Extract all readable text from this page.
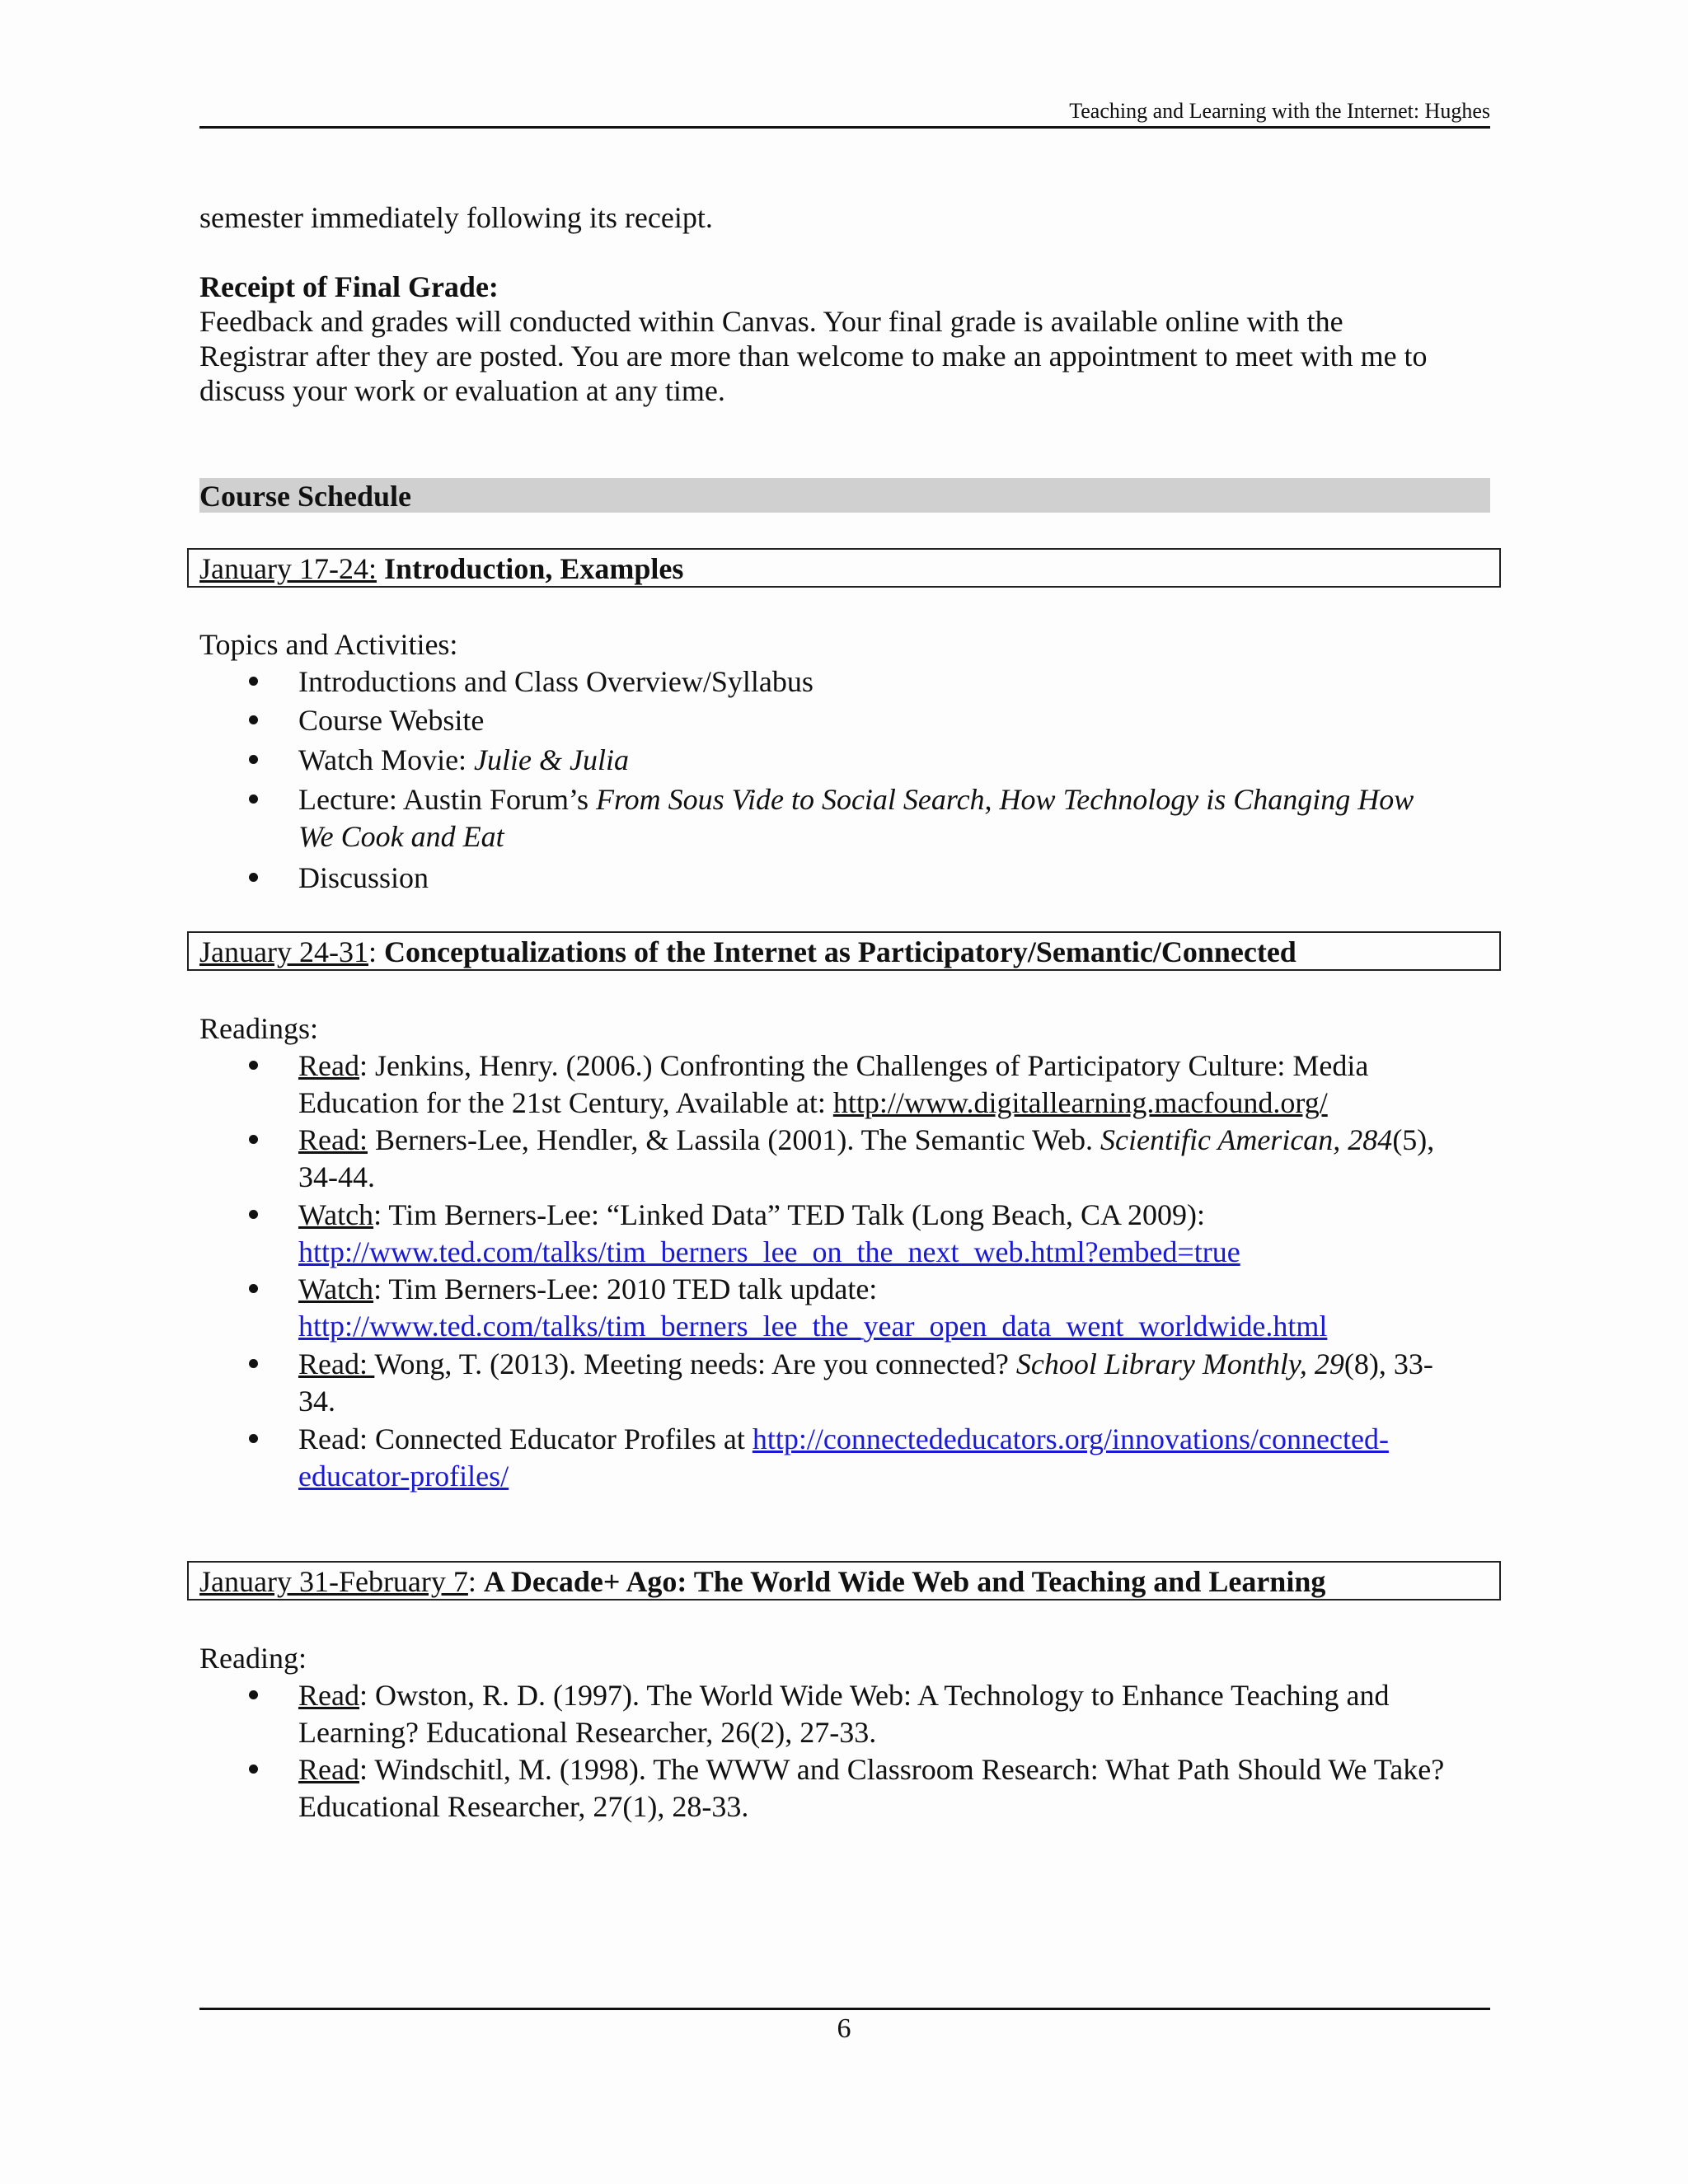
Teaching and Learning with the Internet: Hughes
semester immediately following its receipt.
Receipt of Final Grade:
Feedback and grades will conducted within Canvas. Your final grade is available online with the
Registrar after they are posted. You are more than welcome to make an appointment to meet with me to
discuss your work or evaluation at any time.
Course Schedule
January 17-24: Introduction, Examples
Topics and Activities:
Introductions and Class Overview/Syllabus
Course Website
Watch Movie: Julie & Julia
Lecture: Austin Forum’s From Sous Vide to Social Search, How Technology is Changing How
We Cook and Eat
Discussion
January 24-31: Conceptualizations of the Internet as Participatory/Semantic/Connected
Readings:
Read: Jenkins, Henry. (2006.) Confronting the Challenges of Participatory Culture: Media
Education for the 21st Century, Available at: http://www.digitallearning.macfound.org/
Read: Berners-Lee, Hendler, & Lassila (2001). The Semantic Web. Scientific American, 284(5),
34-44.
Watch: Tim Berners-Lee: “Linked Data” TED Talk (Long Beach, CA 2009):
http://www.ted.com/talks/tim_berners_lee_on_the_next_web.html?embed=true
Watch: Tim Berners-Lee: 2010 TED talk update:
http://www.ted.com/talks/tim_berners_lee_the_year_open_data_went_worldwide.html
Read: Wong, T. (2013). Meeting needs: Are you connected? School Library Monthly, 29(8), 33-
34.
Read: Connected Educator Profiles at http://connectededucators.org/innovations/connected-
educator-profiles/
January 31-February 7: A Decade+ Ago: The World Wide Web and Teaching and Learning
Reading:
Read: Owston, R. D. (1997). The World Wide Web: A Technology to Enhance Teaching and
Learning? Educational Researcher, 26(2), 27-33.
Read: Windschitl, M. (1998). The WWW and Classroom Research: What Path Should We Take?
Educational Researcher, 27(1), 28-33.
6
